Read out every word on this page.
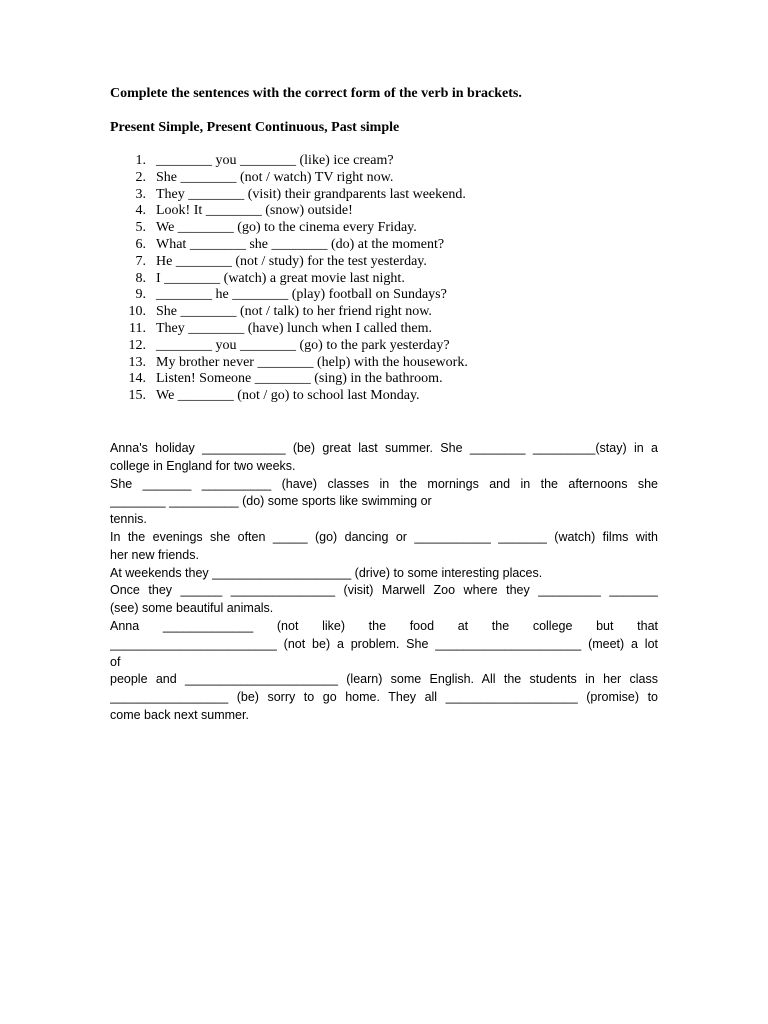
Complete the sentences with the correct form of the verb in brackets.
Present Simple, Present Continuous, Past simple
1. ________ you ________ (like) ice cream?
2. She ________ (not / watch) TV right now.
3. They ________ (visit) their grandparents last weekend.
4. Look! It ________ (snow) outside!
5. We ________ (go) to the cinema every Friday.
6. What ________ she ________ (do) at the moment?
7. He ________ (not / study) for the test yesterday.
8. I ________ (watch) a great movie last night.
9. ________ he ________ (play) football on Sundays?
10. She ________ (not / talk) to her friend right now.
11. They ________ (have) lunch when I called them.
12. ________ you ________ (go) to the park yesterday?
13. My brother never ________ (help) with the housework.
14. Listen! Someone ________ (sing) in the bathroom.
15. We ________ (not / go) to school last Monday.
Anna's holiday ____________ (be) great last summer. She ________ _________(stay) in a
college in England for two weeks.
She _______ __________ (have) classes in the mornings and in the afternoons she
________ __________ (do) some sports like swimming or
tennis.
In the evenings she often _____ (go) dancing or ___________ _______ (watch) films with
her new friends.
At weekends they ____________________ (drive) to some interesting places.
Once they ______ _______________ (visit) Marwell Zoo where they _________ _______
(see) some beautiful animals.
Anna _____________ (not like) the food at the college but that
________________________ (not be) a problem. She _____________________ (meet) a lot
of
people and ______________________ (learn) some English. All the students in her class
_________________ (be) sorry to go home. They all ___________________ (promise) to
come back next summer.
